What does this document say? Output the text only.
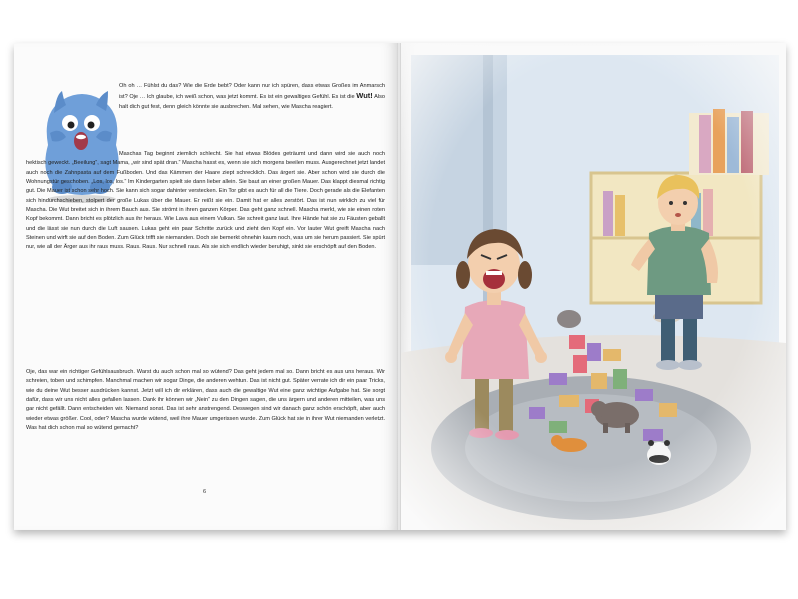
Oh oh … Fühlst du das? Wie die Erde bebt? Oder kann nur ich spüren, dass etwas Großes im Anmarsch ist? Oje … Ich glaube, ich weiß schon, was jetzt kommt. Es ist ein gewaltiges Gefühl. Es ist die Wut! Also halt dich gut fest, denn gleich könnte sie ausbrechen. Mal sehen, wie Mascha reagiert.

Maschas Tag beginnt ziemlich schlecht. Sie hat etwas Blödes geträumt und dann wird sie auch noch hektisch geweckt. „Beeilung“, sagt Mama, „wir sind spät dran.“ Mascha hasst es, wenn sie sich morgens beeilen muss. Ausgerechnet jetzt landet auch noch die Zahnpasta auf dem Fußboden. Und das Kämmen der Haare ziept schrecklich. Das ärgert sie. Aber schon wird sie durch die Wohnungstür geschoben. „Los, los, los.“ Im Kindergarten spielt sie dann lieber allein. Sie baut an einer großen Mauer. Das klappt diesmal richtig gut. Die Mauer ist schon sehr hoch. Sie kann sich sogar dahinter verstecken. Ein Tor gibt es auch für all die Tiere. Doch gerade als die Elefanten sich hindurchschieben, stolpert der große Lukas über die Mauer. Er reißt sie ein. Damit hat er alles zerstört. Das ist nun wirklich zu viel für Mascha. Die Wut breitet sich in ihrem Bauch aus. Sie strömt in ihren ganzen Körper. Das geht ganz schnell. Mascha merkt, wie sie einen roten Kopf bekommt. Dann bricht es plötzlich aus ihr heraus. Wie Lava aus einem Vulkan. Sie schreit ganz laut. Ihre Hände hat sie zu Fäusten geballt und die lässt sie nun durch die Luft sausen. Lukas geht ein paar Schritte zurück und zieht den Kopf ein. Vor lauter Wut greift Mascha nach Steinen und wirft sie auf den Boden. Zum Glück trifft sie niemanden. Doch sie bemerkt ohnehin kaum noch, was um sie herum passiert. Sie spürt nur, wie all der Ärger aus ihr raus muss. Raus. Raus. Nur schnell raus. Als sie sich endlich wieder beruhigt, sinkt sie erschöpft auf den Boden.

Oje, das war ein richtiger Gefühlsausbruch. Warst du auch schon mal so wütend? Das geht jedem mal so. Dann bricht es aus uns heraus. Wir schreien, toben und schimpfen. Manchmal machen wir sogar Dinge, die anderen wehtun. Das ist nicht gut. Später verrate ich dir ein paar Tricks, wie du deine Wut besser ausdrücken kannst. Jetzt will ich dir erklären, dass auch die gewaltige Wut eine ganz wichtige Aufgabe hat. Sie sorgt dafür, dass wir uns nicht alles gefallen lassen. Dank ihr können wir „Nein“ zu den Dingen sagen, die uns ärgern und anderen mitteilen, was uns gar nicht gefällt. Dann entscheiden wir. Niemand sonst. Das ist sehr anstrengend. Deswegen sind wir danach ganz schön erschöpft, aber auch wieder etwas größer. Cool, oder? Mascha wurde wütend, weil ihre Mauer umgerissen wurde. Zum Glück hat sie in ihrer Wut niemanden verletzt. Was hat dich schon mal so wütend gemacht?

6
